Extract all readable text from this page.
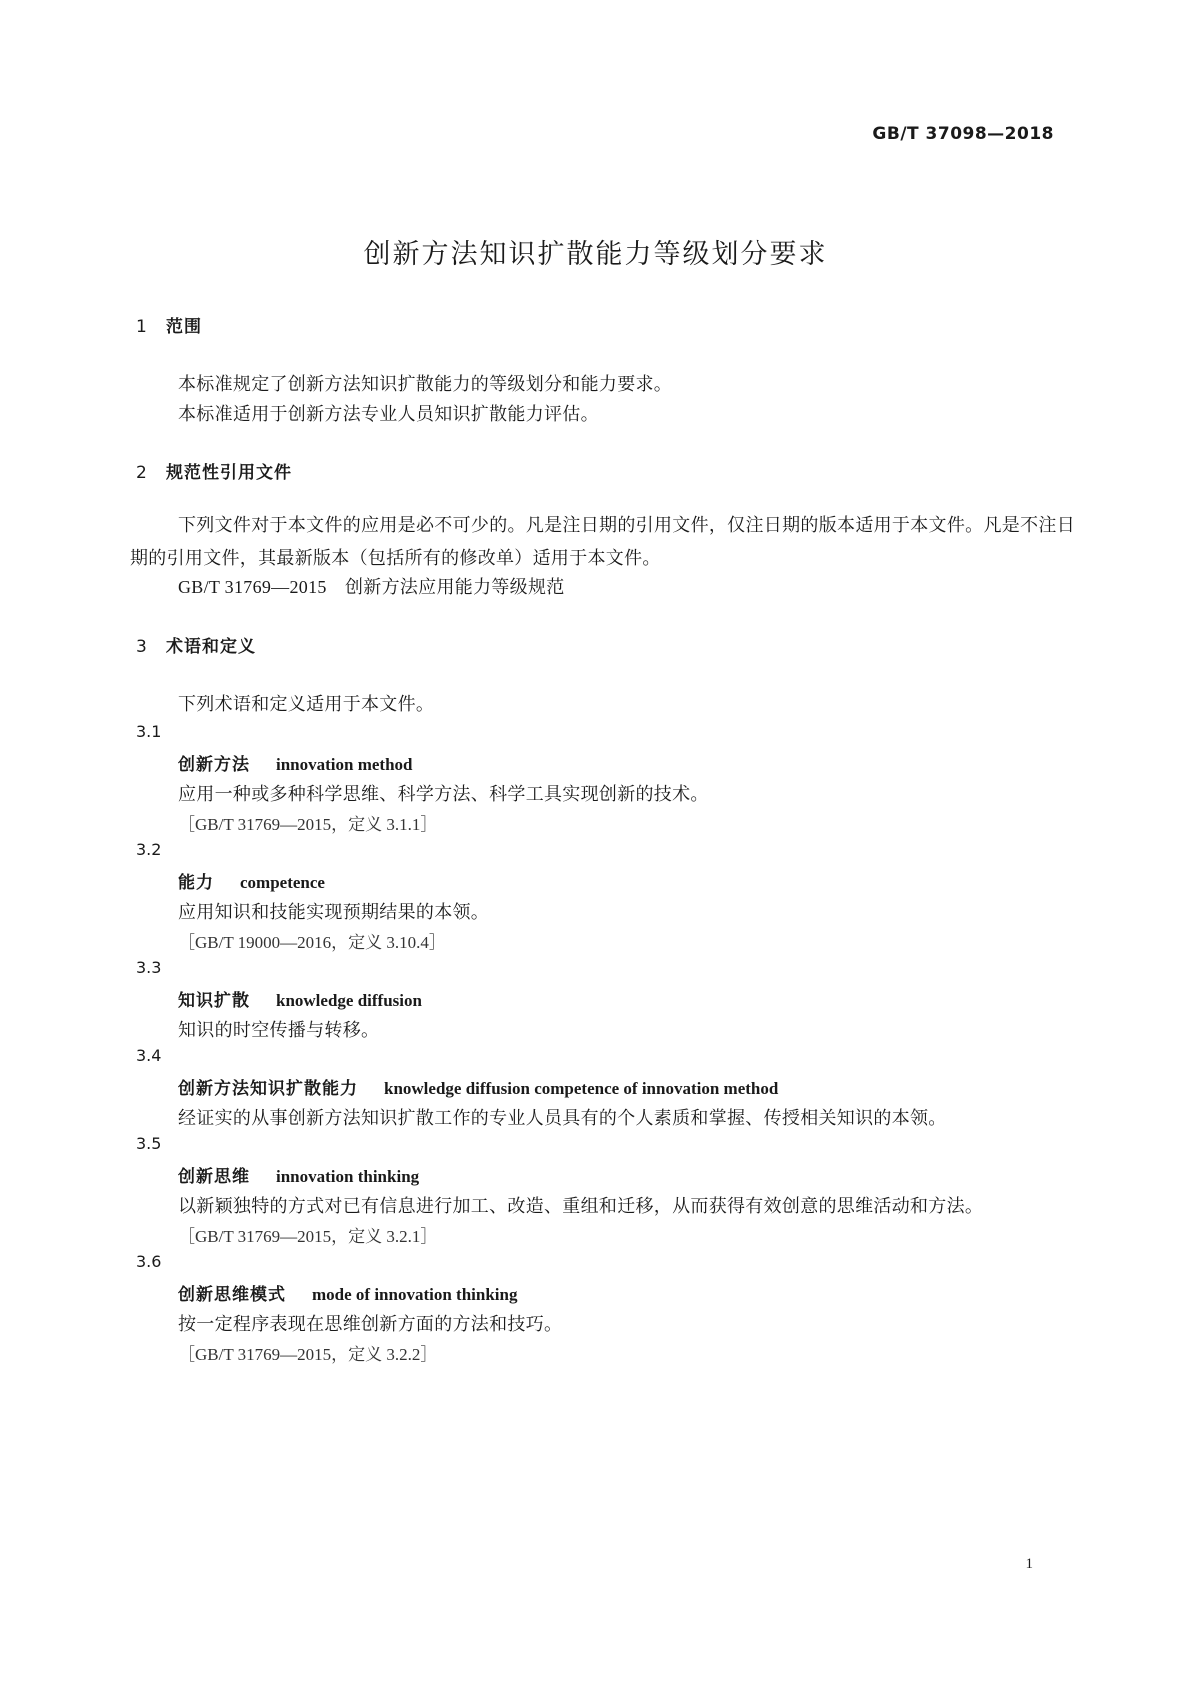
GB/T 37098—2018
创新方法知识扩散能力等级划分要求
1 范围
本标准规定了创新方法知识扩散能力的等级划分和能力要求。
本标准适用于创新方法专业人员知识扩散能力评估。
2 规范性引用文件
下列文件对于本文件的应用是必不可少的。凡是注日期的引用文件，仅注日期的版本适用于本文件。凡是不注日期的引用文件，其最新版本（包括所有的修改单）适用于本文件。
GB/T 31769—2015　创新方法应用能力等级规范
3 术语和定义
下列术语和定义适用于本文件。
3.1
创新方法 innovation method
应用一种或多种科学思维、科学方法、科学工具实现创新的技术。
［GB/T 31769—2015，定义 3.1.1］
3.2
能力 competence
应用知识和技能实现预期结果的本领。
［GB/T 19000—2016，定义 3.10.4］
3.3
知识扩散 knowledge diffusion
知识的时空传播与转移。
3.4
创新方法知识扩散能力 knowledge diffusion competence of innovation method
经证实的从事创新方法知识扩散工作的专业人员具有的个人素质和掌握、传授相关知识的本领。
3.5
创新思维 innovation thinking
以新颖独特的方式对已有信息进行加工、改造、重组和迁移，从而获得有效创意的思维活动和方法。
［GB/T 31769—2015，定义 3.2.1］
3.6
创新思维模式 mode of innovation thinking
按一定程序表现在思维创新方面的方法和技巧。
［GB/T 31769—2015，定义 3.2.2］
1
